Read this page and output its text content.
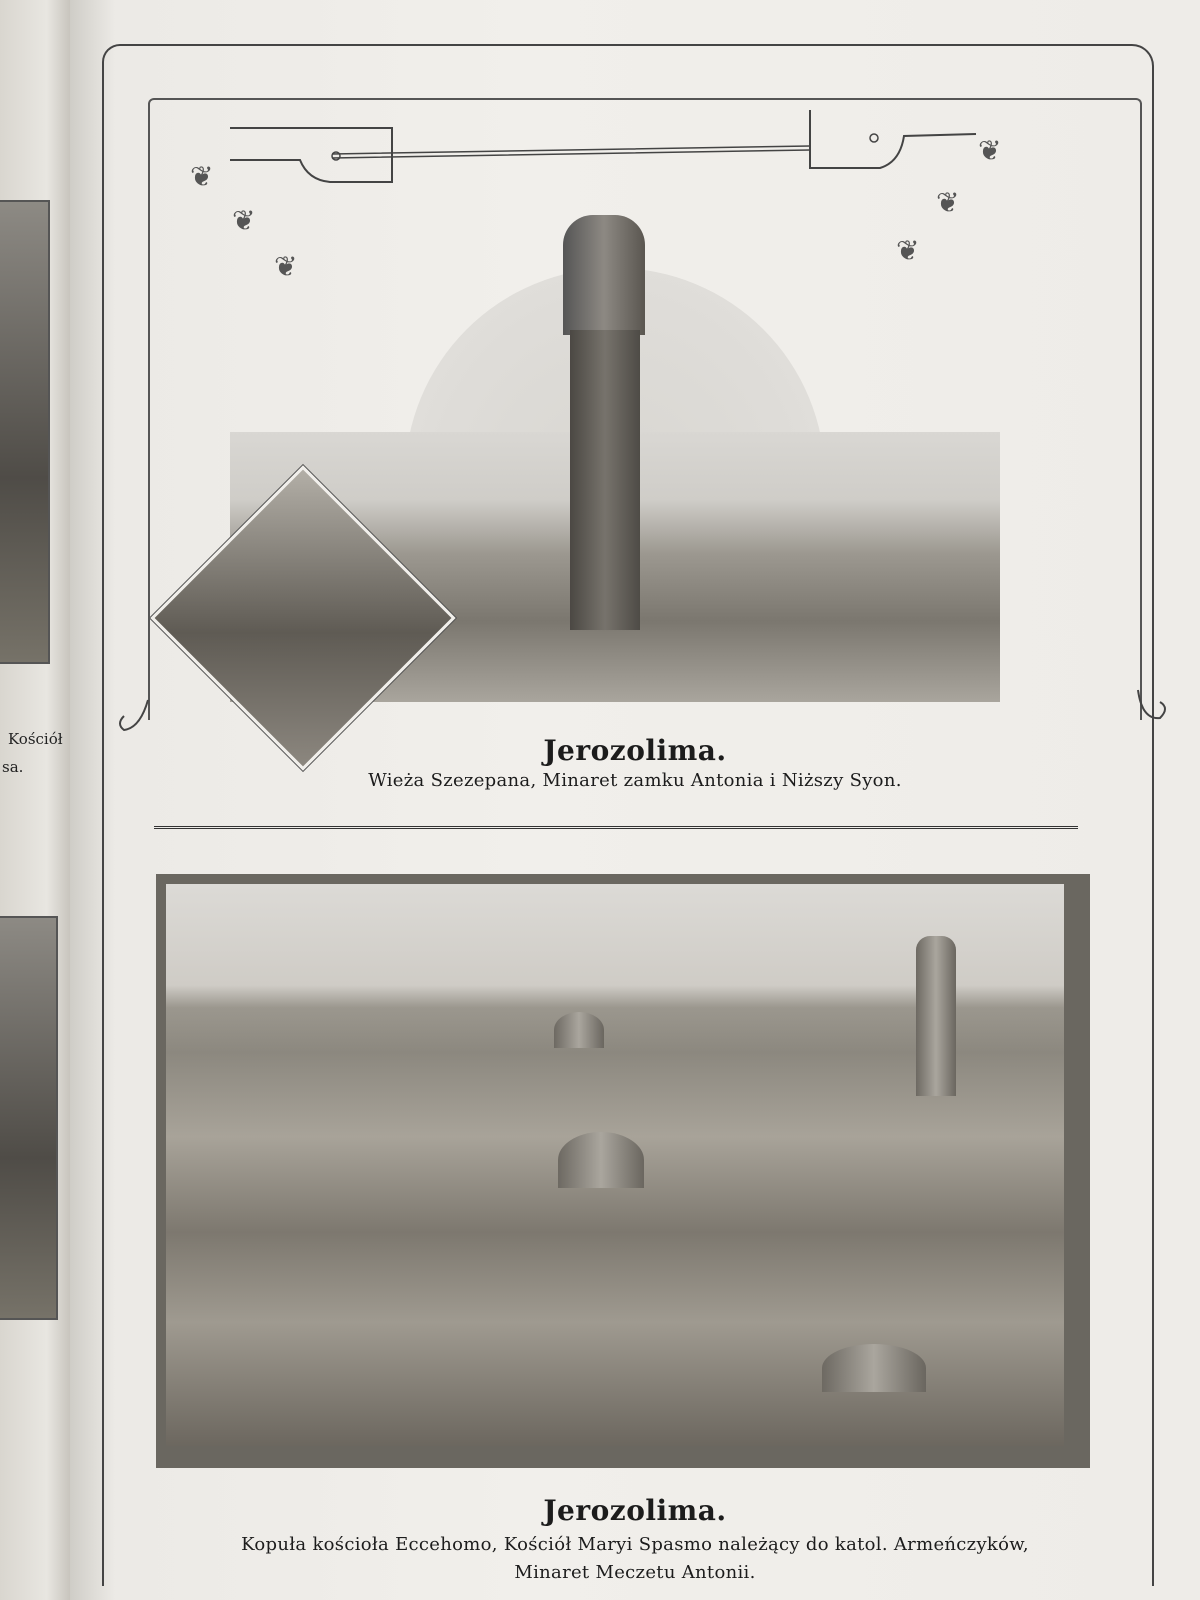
Kościół
sa.
❦
❦
❦
❦
❦
❦
Jerozolima.
Wieża Szezepana, Minaret zamku Antonia i Niższy Syon.
Jerozolima.
Kopuła kościoła Eccehomo, Kościół Maryi Spasmo należący do katol. Armeńczyków,
Minaret Meczetu Antonii.
